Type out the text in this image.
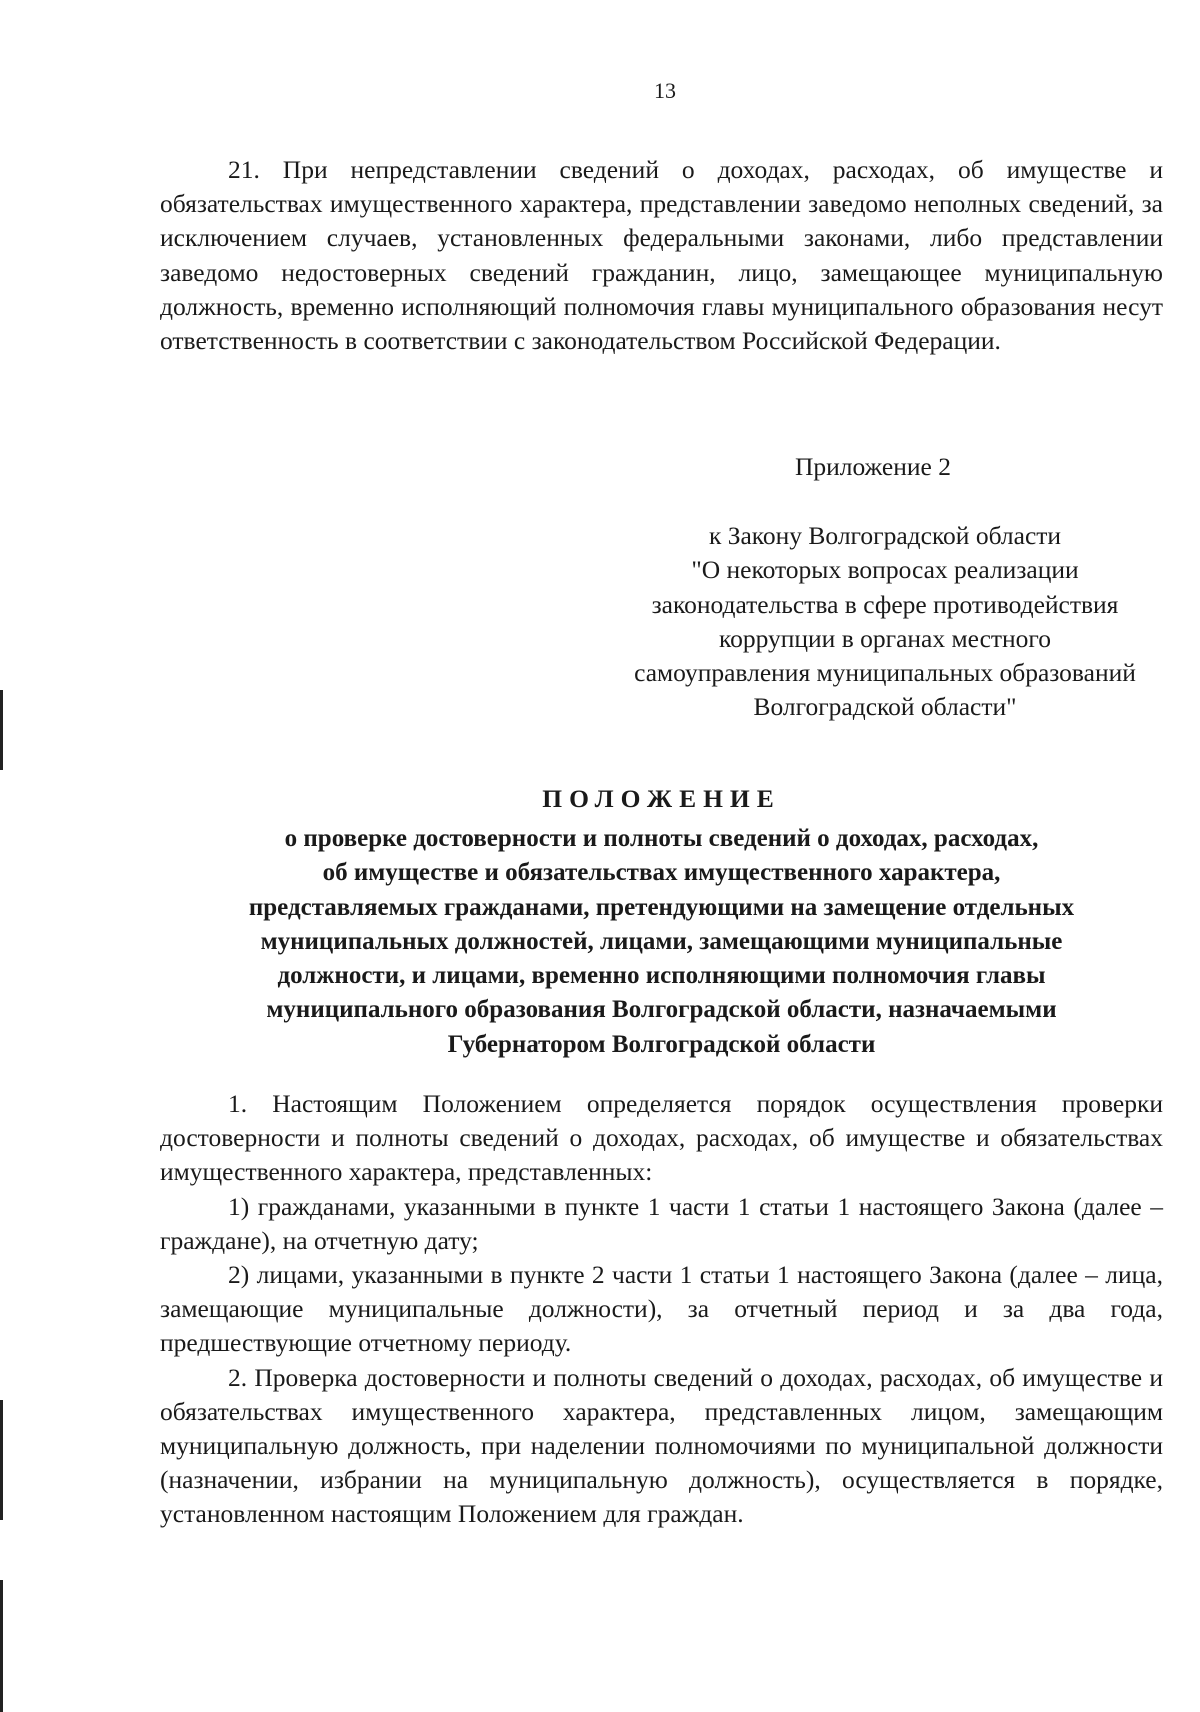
13

21. При непредставлении сведений о доходах, расходах, об имуществе и обязательствах имущественного характера, представлении заведомо неполных сведений, за исключением случаев, установленных федеральными законами, либо представлении заведомо недостоверных сведений гражданин, лицо, замещающее муниципальную должность, временно исполняющий полномочия главы муниципального образования несут ответственность в соответствии с законодательством Российской Федерации.

Приложение 2
к Закону Волгоградской области
"О некоторых вопросах реализации
законодательства в сфере противодействия
коррупции в органах местного
самоуправления муниципальных образований
Волгоградской области"
ПОЛОЖЕНИЕ
о проверке достоверности и полноты сведений о доходах, расходах,
об имуществе и обязательствах имущественного характера,
представляемых гражданами, претендующими на замещение отдельных
муниципальных должностей, лицами, замещающими муниципальные
должности, и лицами, временно исполняющими полномочия главы
муниципального образования Волгоградской области, назначаемыми
Губернатором Волгоградской области

1. Настоящим Положением определяется порядок осуществления проверки достоверности и полноты сведений о доходах, расходах, об имуществе и обязательствах имущественного характера, представленных:

1) гражданами, указанными в пункте 1 части 1 статьи 1 настоящего Закона (далее – граждане), на отчетную дату;

2) лицами, указанными в пункте 2 части 1 статьи 1 настоящего Закона (далее – лица, замещающие муниципальные должности), за отчетный период и за два года, предшествующие отчетному периоду.

2. Проверка достоверности и полноты сведений о доходах, расходах, об имуществе и обязательствах имущественного характера, представленных лицом, замещающим муниципальную должность, при наделении полномочиями по муниципальной должности (назначении, избрании на муниципальную должность), осуществляется в порядке, установленном настоящим Положением для граждан.
